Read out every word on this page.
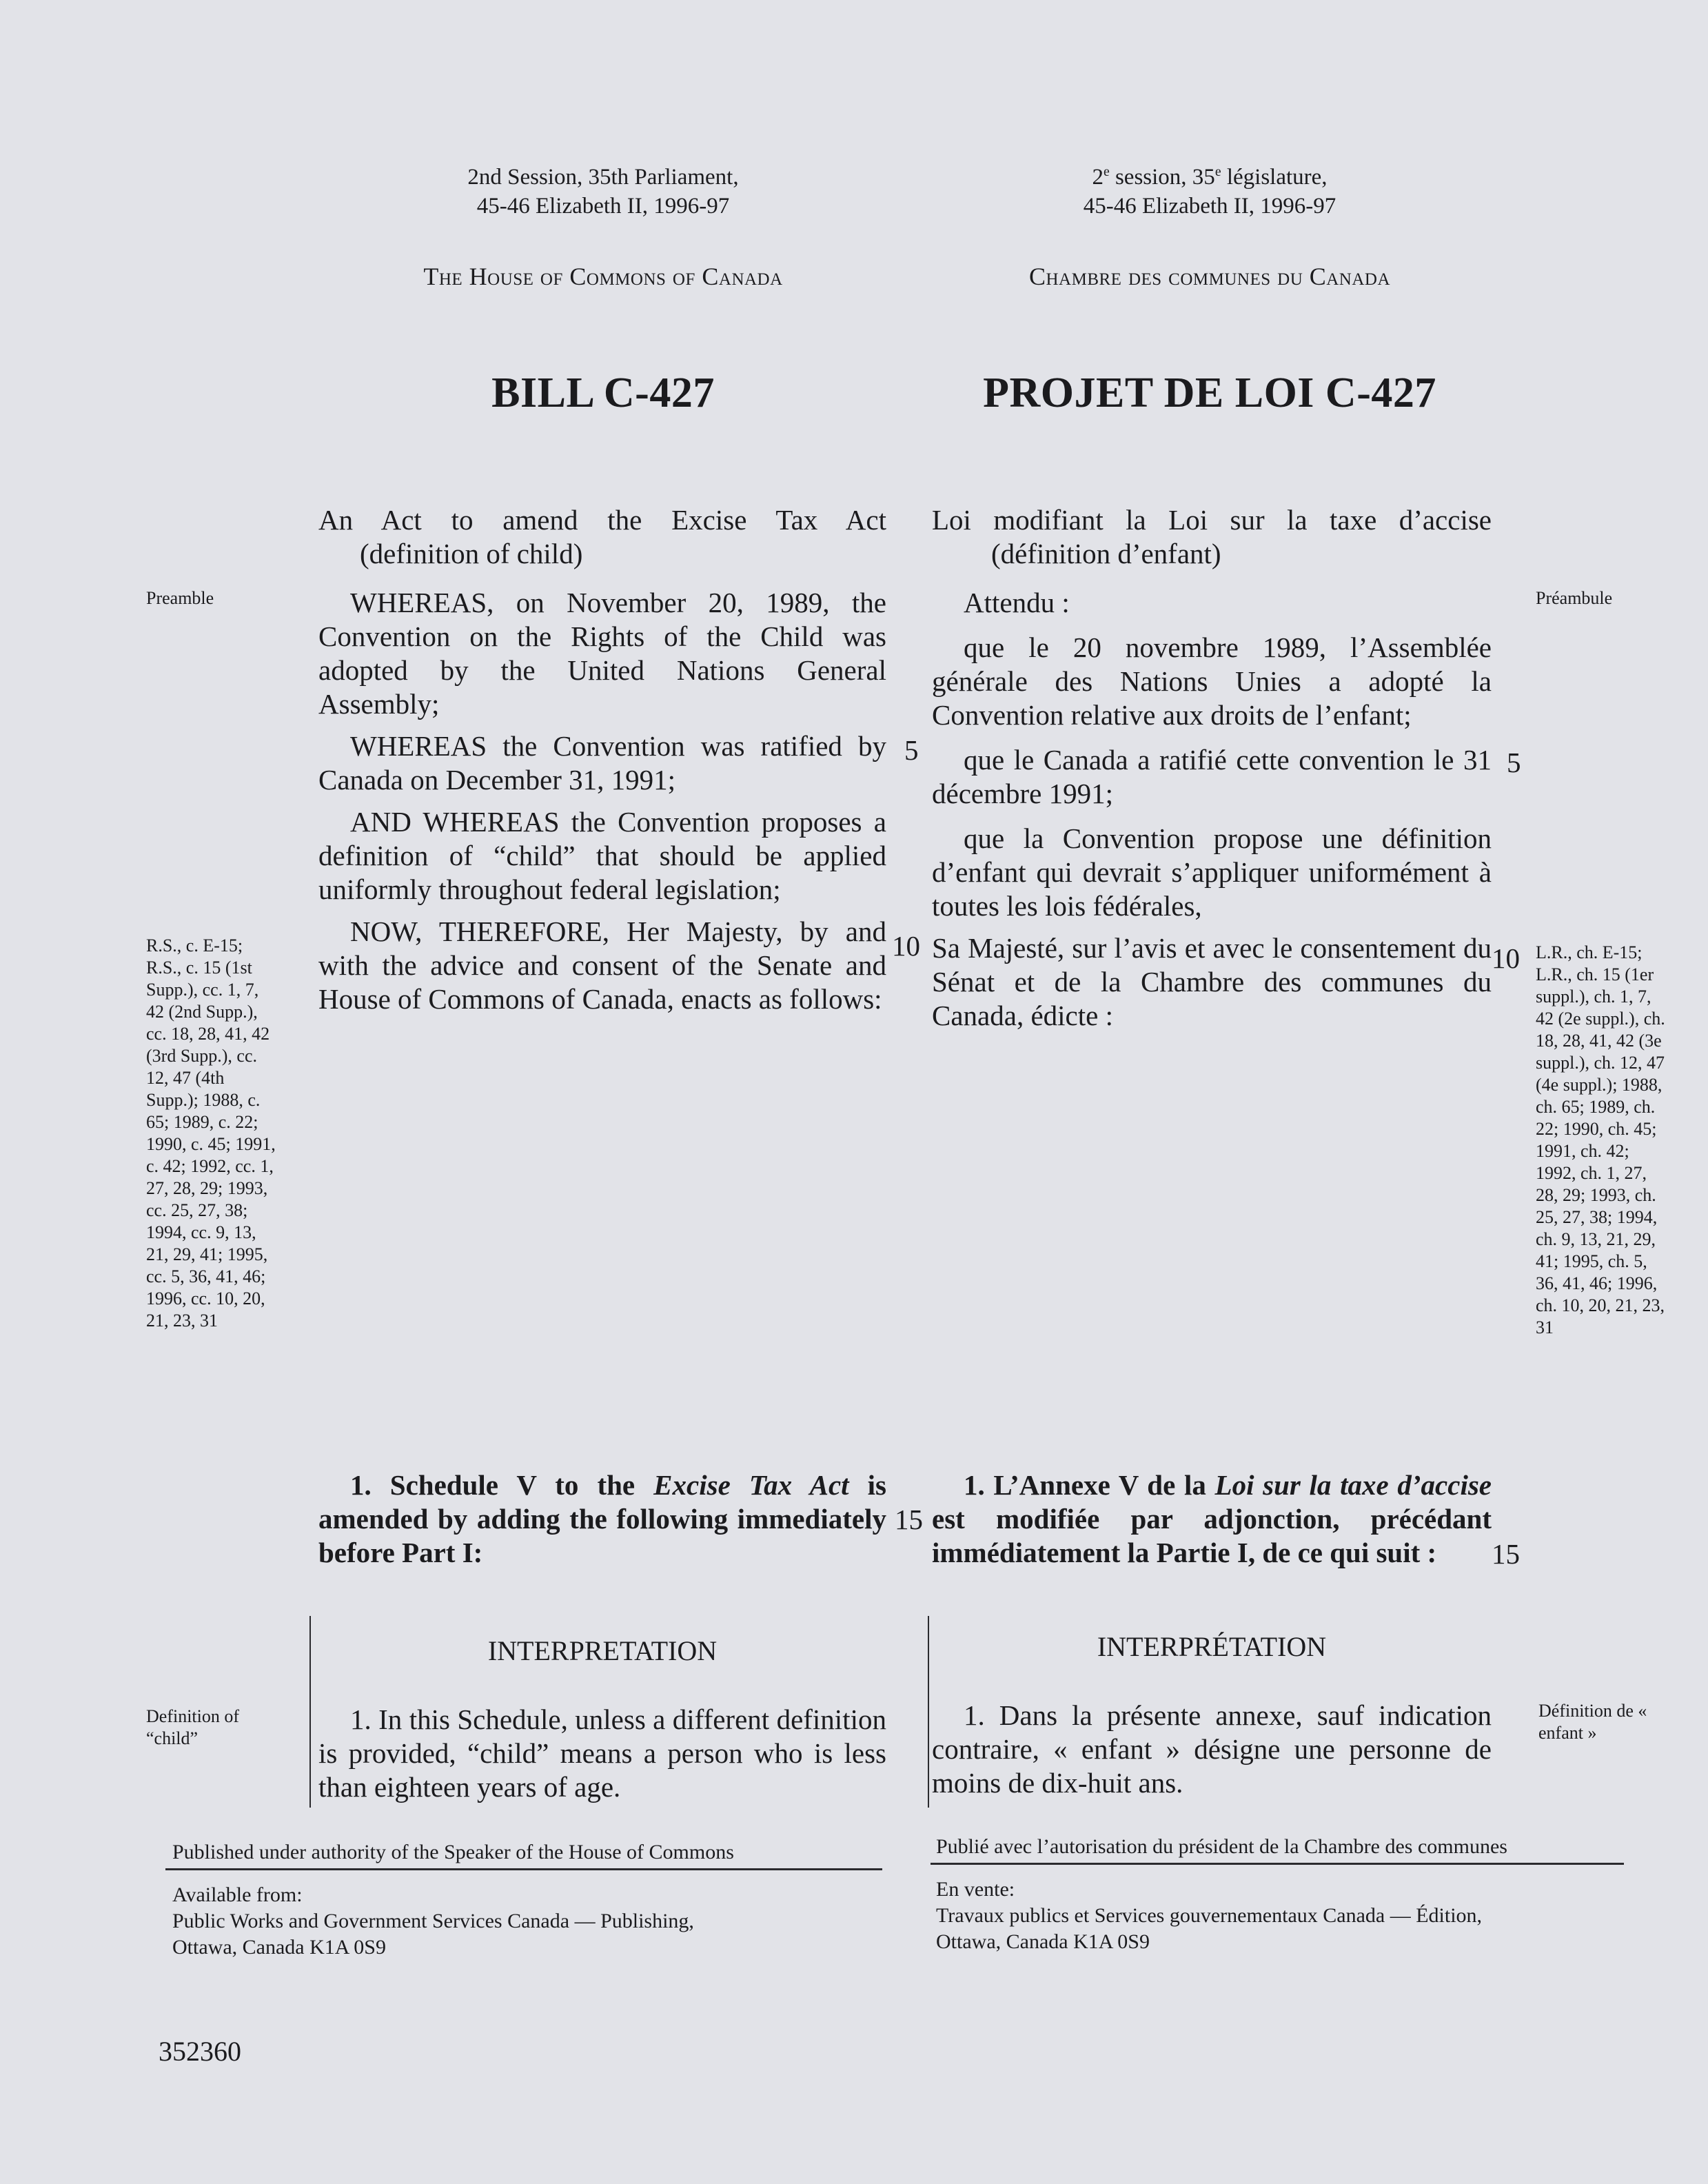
2nd Session, 35th Parliament,
45-46 Elizabeth II, 1996-97
2e session, 35e législature,
45-46 Elizabeth II, 1996-97
The House of Commons of Canada	Chambre des communes du Canada
BILL C-427	PROJET DE LOI C-427
An Act to amend the Excise Tax Act
(definition of child)
Loi modifiant la Loi sur la taxe d’accise
(définition d’enfant)
Preamble	Préambule
R.S., c. E-15; R.S., c. 15 (1st Supp.), cc. 1, 7, 42 (2nd Supp.), cc. 18, 28, 41, 42 (3rd Supp.), cc. 12, 47 (4th Supp.); 1988, c. 65; 1989, c. 22; 1990, c. 45; 1991, c. 42; 1992, cc. 1, 27, 28, 29; 1993, cc. 25, 27, 38; 1994, cc. 9, 13, 21, 29, 41; 1995, cc. 5, 36, 41, 46; 1996, cc. 10, 20, 21, 23, 31
L.R., ch. E-15; L.R., ch. 15 (1er suppl.), ch. 1, 7, 42 (2e suppl.), ch. 18, 28, 41, 42 (3e suppl.), ch. 12, 47 (4e suppl.); 1988, ch. 65; 1989, ch. 22; 1990, ch. 45; 1991, ch. 42; 1992, ch. 1, 27, 28, 29; 1993, ch. 25, 27, 38; 1994, ch. 9, 13, 21, 29, 41; 1995, ch. 5, 36, 41, 46; 1996, ch. 10, 20, 21, 23, 31
Definition of “child”
Définition de « enfant »

WHEREAS, on November 20, 1989, the Convention on the Rights of the Child was adopted by the United Nations General Assembly;

WHEREAS the Convention was ratified by Canada on December 31, 1991;

AND WHEREAS the Convention proposes a definition of “child” that should be applied uniformly throughout federal legislation;

NOW, THEREFORE, Her Majesty, by and with the advice and consent of the Senate and House of Commons of Canada, enacts as follows:

Attendu :

que le 20 novembre 1989, l’Assemblée générale des Nations Unies a adopté la Convention relative aux droits de l’enfant;

que le Canada a ratifié cette convention le 31 décembre 1991;

que la Convention propose une définition d’enfant qui devrait s’appliquer uniformément à toutes les lois fédérales,

Sa Majesté, sur l’avis et avec le consentement du Sénat et de la Chambre des communes du Canada, édicte :

5
10
15
5
10
15

1. Schedule V to the Excise Tax Act is amended by adding the following immediately before Part I:

1. L’Annexe V de la Loi sur la taxe d’accise est modifiée par adjonction, précédant immédiatement la Partie I, de ce qui suit :

INTERPRETATION	INTERPRÉTATION

1. In this Schedule, unless a different definition is provided, “child” means a person who is less than eighteen years of age.

1. Dans la présente annexe, sauf indication contraire, « enfant » désigne une personne de moins de dix-huit ans.

Published under authority of the Speaker of the House of Commons	Publié avec l’autorisation du président de la Chambre des communes
Available from:
Public Works and Government Services Canada — Publishing,
Ottawa, Canada K1A 0S9
En vente:
Travaux publics et Services gouvernementaux Canada — Édition,
Ottawa, Canada K1A 0S9
352360
